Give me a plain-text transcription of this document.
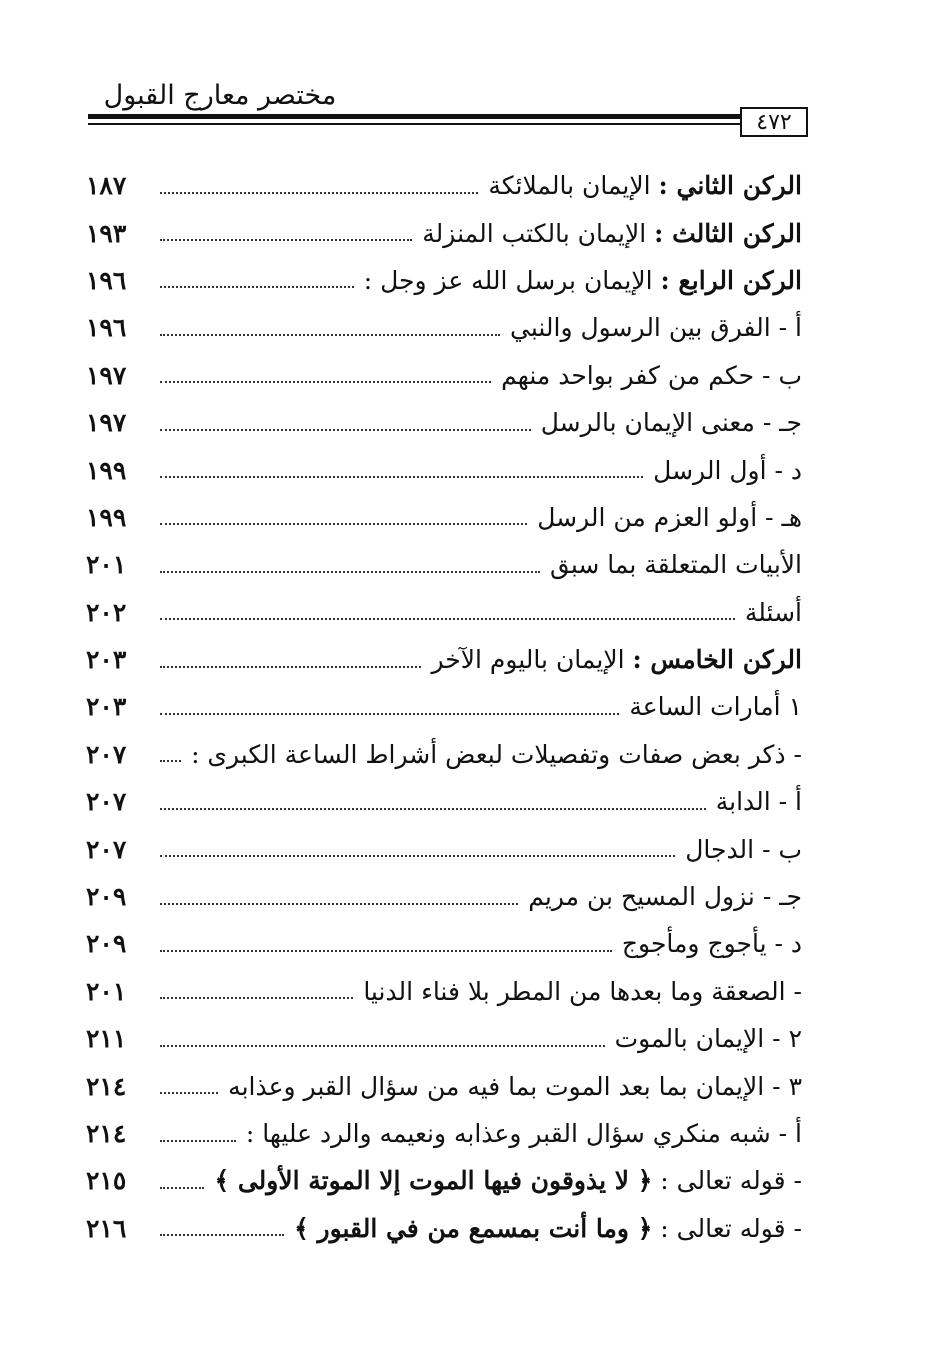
مختصر معارج القبول
٤٧٢
الركن الثاني : الإيمان بالملائكة
١٨٧
الركن الثالث : الإيمان بالكتب المنزلة
١٩٣
الركن الرابع : الإيمان برسل الله عز وجل :
١٩٦
أ - الفرق بين الرسول والنبي
١٩٦
ب - حكم من كفر بواحد منهم
١٩٧
جـ - معنى الإيمان بالرسل
١٩٧
د - أول الرسل
١٩٩
هـ - أولو العزم من الرسل
١٩٩
الأبيات المتعلقة بما سبق
٢٠١
أسئلة
٢٠٢
الركن الخامس : الإيمان باليوم الآخر
٢٠٣
١ أمارات الساعة
٢٠٣
- ذكر بعض صفات وتفصيلات لبعض أشراط الساعة الكبرى :
٢٠٧
أ - الدابة
٢٠٧
ب - الدجال
٢٠٧
جـ - نزول المسيح بن مريم
٢٠٩
د - يأجوج ومأجوج
٢٠٩
- الصعقة وما بعدها من المطر بلا فناء الدنيا
٢٠١
٢ - الإيمان بالموت
٢١١
٣ - الإيمان بما بعد الموت بما فيه من سؤال القبر وعذابه
٢١٤
أ - شبه منكري سؤال القبر وعذابه ونعيمه والرد عليها :
٢١٤
- قوله تعالى : ﴿ لا يذوقون فيها الموت إلا الموتة الأولى ﴾
٢١٥
- قوله تعالى : ﴿ وما أنت بمسمع من في القبور ﴾
٢١٦
